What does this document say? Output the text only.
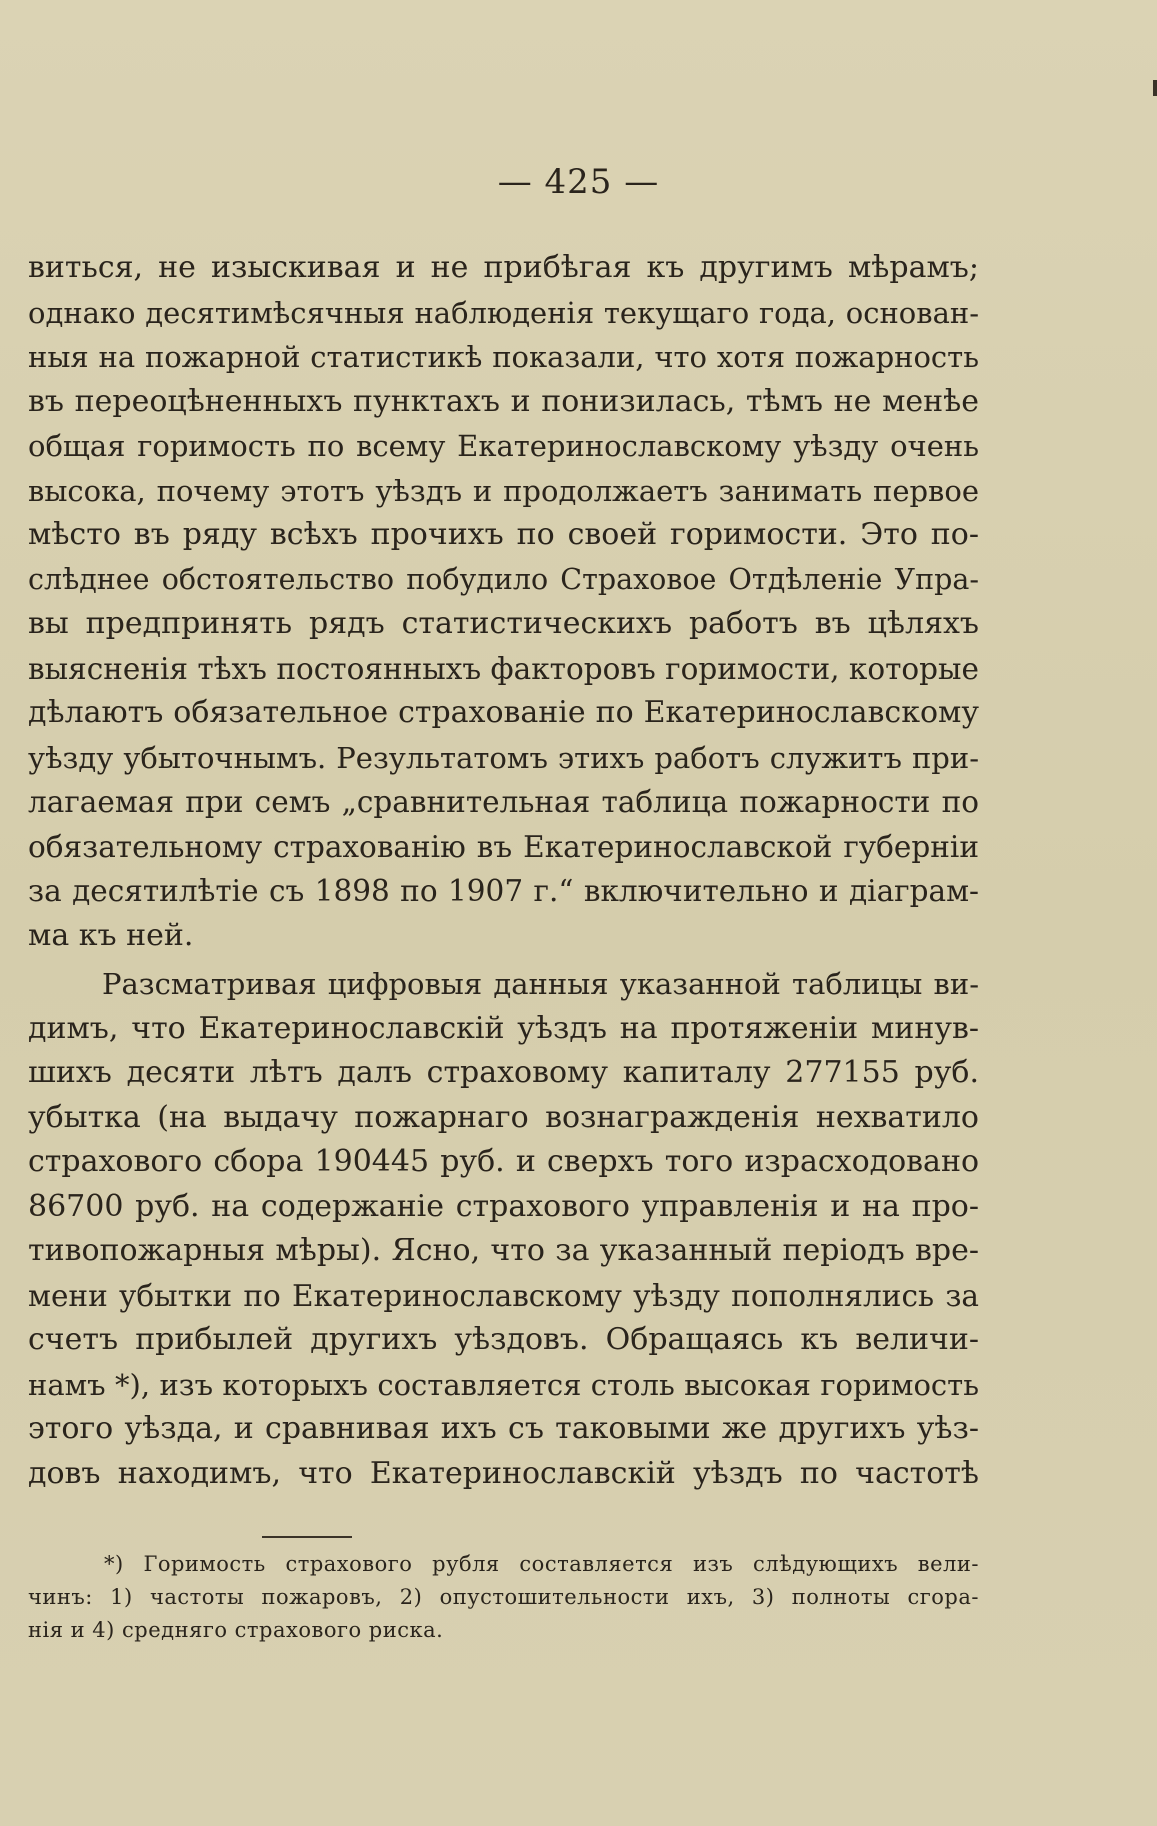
— 425 —
виться, не изыскивая и не прибѣгая къ другимъ мѣрамъ;
однако десятимѣсячныя наблюденія текущаго года, основан-
ныя на пожарной статистикѣ показали, что хотя пожарность
въ переоцѣненныхъ пунктахъ и понизилась, тѣмъ не менѣе
общая горимость по всему Екатеринославскому уѣзду очень
высока, почему этотъ уѣздъ и продолжаетъ занимать первое
мѣсто въ ряду всѣхъ прочихъ по своей горимости. Это по-
слѣднее обстоятельство побудило Страховое Отдѣленіе Упра-
вы предпринять рядъ статистическихъ работъ въ цѣляхъ
выясненія тѣхъ постоянныхъ факторовъ горимости, которые
дѣлаютъ обязательное страхованіе по Екатеринославскому
уѣзду убыточнымъ. Результатомъ этихъ работъ служитъ при-
лагаемая при семъ „сравнительная таблица пожарности по
обязательному страхованію въ Екатеринославской губерніи
за десятилѣтіе съ 1898 по 1907 г.“ включительно и діаграм-
ма къ ней.
Разсматривая цифровыя данныя указанной таблицы ви-
димъ, что Екатеринославскій уѣздъ на протяженіи минув-
шихъ десяти лѣтъ далъ страховому капиталу 277155 руб.
убытка (на выдачу пожарнаго вознагражденія нехватило
страхового сбора 190445 руб. и сверхъ того израсходовано
86700 руб. на содержаніе страхового управленія и на про-
тивопожарныя мѣры). Ясно, что за указанный періодъ вре-
мени убытки по Екатеринославскому уѣзду пополнялись за
счетъ прибылей другихъ уѣздовъ. Обращаясь къ величи-
намъ *), изъ которыхъ составляется столь высокая горимость
этого уѣзда, и сравнивая ихъ съ таковыми же другихъ уѣз-
довъ находимъ, что Екатеринославскій уѣздъ по частотѣ
*) Горимость страхового рубля составляется изъ слѣдующихъ вели-
чинъ: 1) частоты пожаровъ, 2) опустошительности ихъ, 3) полноты сгора-
нія и 4) средняго страхового риска.
